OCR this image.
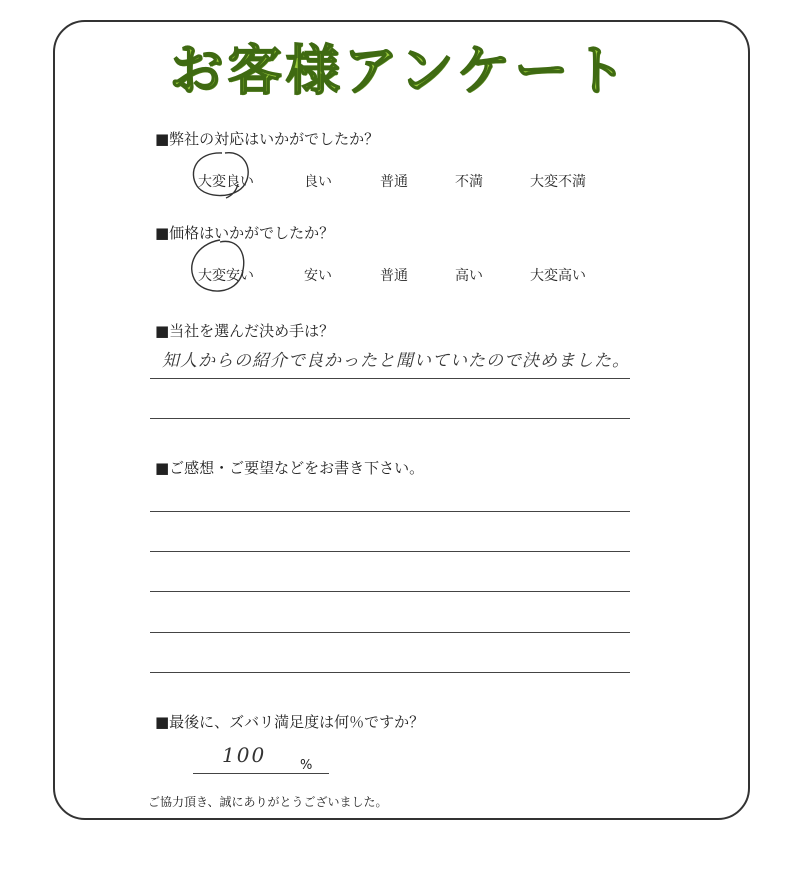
お客様アンケート
■弊社の対応はいかがでしたか？
大変良い	良い	普通	不満	大変不満
■価格はいかがでしたか？
大変安い	安い	普通	高い	大変高い
■当社を選んだ決め手は？
知人からの紹介で良かったと聞いていたので決めました。
■ご感想・ご要望などをお書き下さい。
■最後に、ズバリ満足度は何％ですか？
100	%
ご協力頂き、誠にありがとうございました。
